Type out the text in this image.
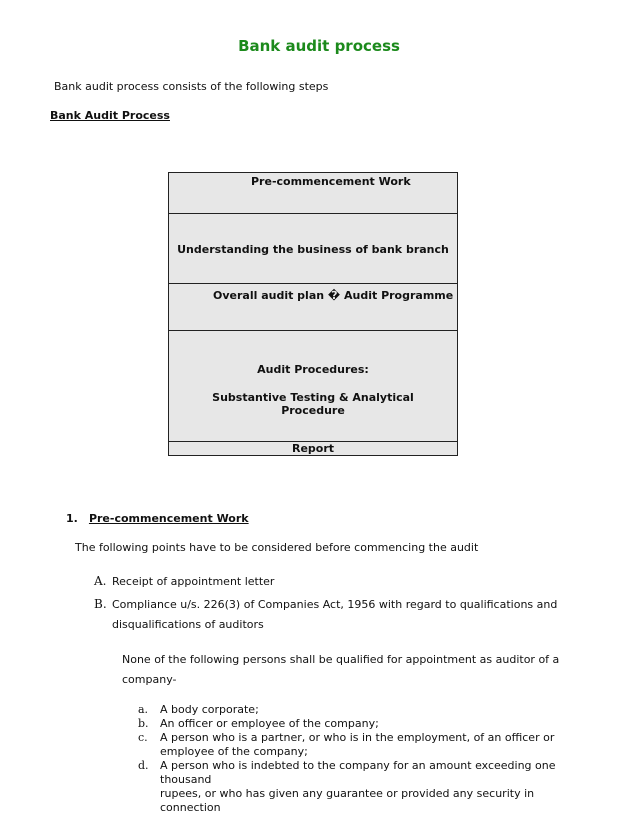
Bank audit process
Bank audit process consists of the following steps
Bank Audit Process
Pre-commencement Work
Understanding the business of bank branch
Overall audit plan � Audit Programme
Audit Procedures:
Substantive Testing & Analytical
Procedure
Report
1. Pre-commencement Work
The following points have to be considered before commencing the audit
A. Receipt of appointment letter
B. Compliance u/s. 226(3) of Companies Act, 1956 with regard to qualifications and
disqualifications of auditors
None of the following persons shall be qualified for appointment as auditor of a
company-
a.	A body corporate;
b.	An officer or employee of the company;
c.	A person who is a partner, or who is in the employment, of an officer or
employee of the company;
d.	A person who is indebted to the company for an amount exceeding one thousand
rupees, or who has given any guarantee or provided any security in connection
